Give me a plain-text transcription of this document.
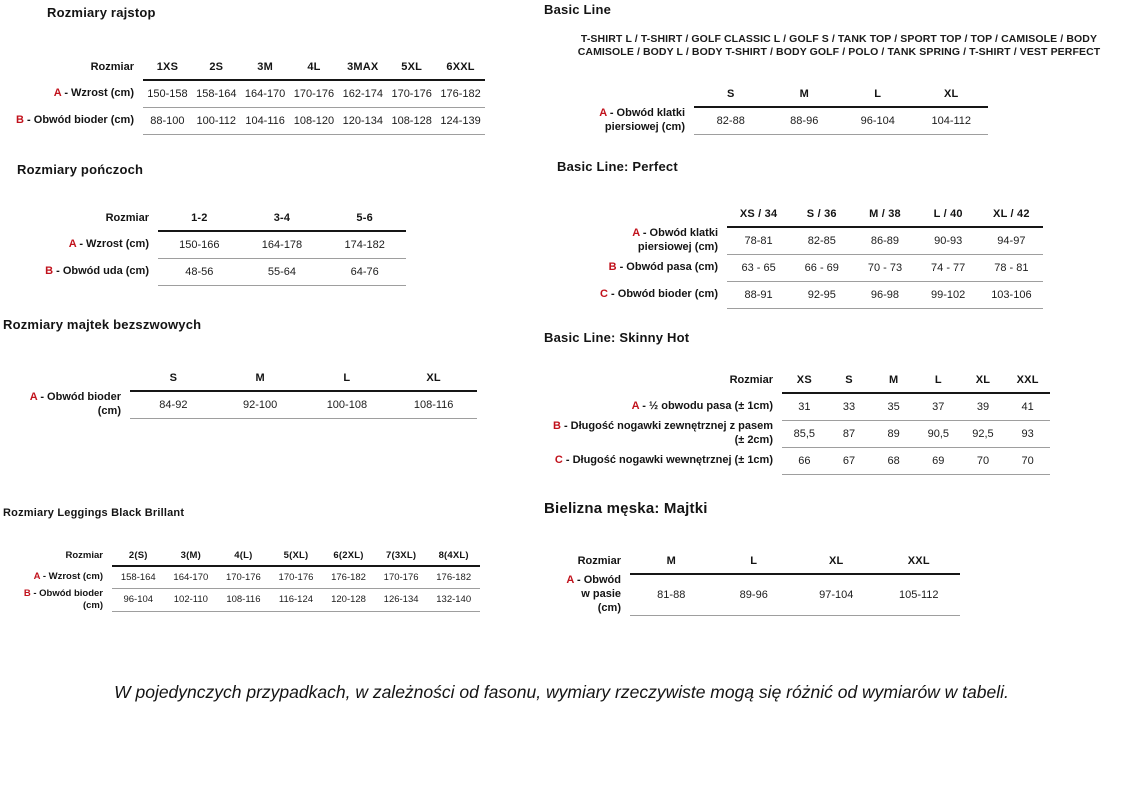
Rozmiary rajstop
Rozmiar	1XS	2S	3M	4L	3MAX	5XL	6XXL
A - Wzrost (cm)	150-158	158-164	164-170	170-176	162-174	170-176	176-182
B - Obwód bioder (cm)	88-100	100-112	104-116	108-120	120-134	108-128	124-139
Rozmiary pończoch
Rozmiar	1-2	3-4	5-6
A - Wzrost (cm)	150-166	164-178	174-182
B - Obwód uda (cm)	48-56	55-64	64-76
Rozmiary majtek bezszwowych
	S	M	L	XL
A - Obwód bioder (cm)	84-92	92-100	100-108	108-116
Rozmiary Leggings Black Brillant
Rozmiar	2(S)	3(M)	4(L)	5(XL)	6(2XL)	7(3XL)	8(4XL)
A - Wzrost (cm)	158-164	164-170	170-176	170-176	176-182	170-176	176-182
B - Obwód bioder (cm)	96-104	102-110	108-116	116-124	120-128	126-134	132-140
Basic Line
T-SHIRT L / T-SHIRT / GOLF CLASSIC L / GOLF S / TANK TOP / SPORT TOP / TOP / CAMISOLE / BODY CAMISOLE / BODY L / BODY T-SHIRT / BODY GOLF / POLO / TANK SPRING / T-SHIRT / VEST PERFECT
	S	M	L	XL
A - Obwód klatki piersiowej (cm)	82-88	88-96	96-104	104-112
Basic Line: Perfect
	XS / 34	S / 36	M / 38	L / 40	XL / 42
A - Obwód klatki piersiowej (cm)	78-81	82-85	86-89	90-93	94-97
B - Obwód pasa (cm)	63 - 65	66 - 69	70 - 73	74 - 77	78 - 81
C - Obwód bioder (cm)	88-91	92-95	96-98	99-102	103-106
Basic Line: Skinny Hot
Rozmiar	XS	S	M	L	XL	XXL
A - ½ obwodu pasa (± 1cm)	31	33	35	37	39	41
B - Długość nogawki zewnętrznej z pasem (± 2cm)	85,5	87	89	90,5	92,5	93
C - Długość nogawki wewnętrznej (± 1cm)	66	67	68	69	70	70
Bielizna męska: Majtki
Rozmiar	M	L	XL	XXL
A - Obwód w pasie (cm)	81-88	89-96	97-104	105-112

W pojedynczych przypadkach, w zależności od fasonu, wymiary rzeczywiste mogą się różnić od wymiarów w tabeli.
